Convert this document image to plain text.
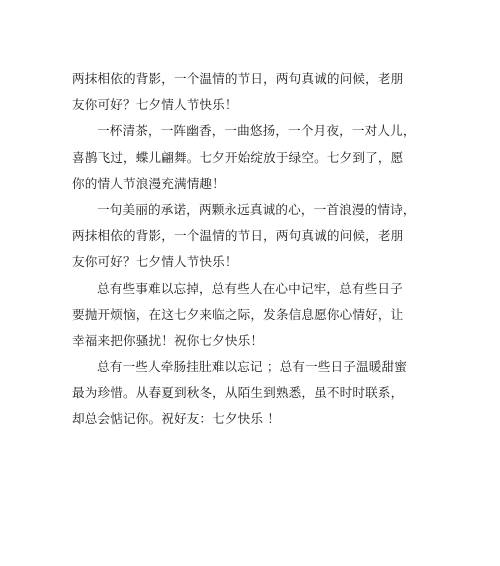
两抹相依的背影，一个温情的节日，两句真诚的问候，老朋
友你可好？七夕情人节快乐！
一杯清茶，一阵幽香，一曲悠扬，一个月夜，一对人儿，
喜鹊飞过，蝶儿翩舞。七夕开始绽放于绿空。七夕到了，愿
你的情人节浪漫充满情趣！
一句美丽的承诺，两颗永远真诚的心，一首浪漫的情诗，
两抹相依的背影，一个温情的节日，两句真诚的问候，老朋
友你可好？七夕情人节快乐！
总有些事难以忘掉，总有些人在心中记牢，总有些日子
要抛开烦恼，在这七夕来临之际，发条信息愿你心情好，让
幸福来把你骚扰！祝你七夕快乐！
总有一些人牵肠挂肚难以忘记 ；总有一些日子温暖甜蜜
最为珍惜。从春夏到秋冬，从陌生到熟悉，虽不时时联系，
却总会惦记你。祝好友：七夕快乐 ！
